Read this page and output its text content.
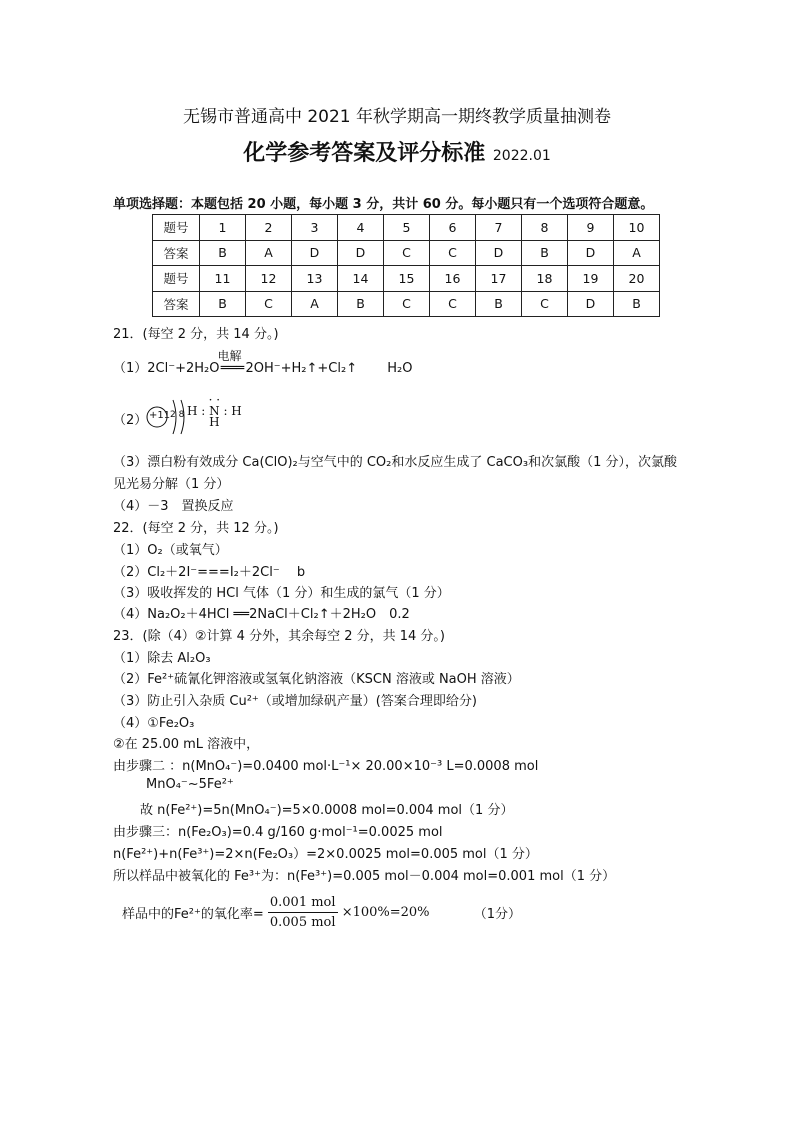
无锡市普通高中 2021 年秋学期高一期终教学质量抽测卷
化学参考答案及评分标准 2022.01
单项选择题：本题包括 20 小题，每小题 3 分，共计 60 分。每小题只有一个选项符合题意。
题号	1	2	3	4	5	6	7	8	9	10
答案	B	A	D	D	C	C	D	B	D	A
题号	11	12	13	14	15	16	17	18	19	20
答案	B	C	A	B	C	C	B	C	D	B
21．(每空 2 分，共 14 分。)
（1）2Cl⁻+2H₂O
电解
═══2OH⁻+H₂↑+Cl₂↑ H₂O
（2） +11 2 8
· ·
H : N : H
H
（3）漂白粉有效成分 Ca(ClO)₂与空气中的 CO₂和水反应生成了 CaCO₃和次氯酸（1 分），次氯酸
见光易分解（1 分）
（4）－3　置换反应
22．(每空 2 分，共 12 分。)
（1）O₂（或氧气）
（2）Cl₂＋2I⁻===I₂＋2Cl⁻　 b
（3）吸收挥发的 HCl 气体（1 分）和生成的氯气（1 分）
（4）Na₂O₂＋4HCl ══2NaCl＋Cl₂↑＋2H₂O　0.2
23．(除（4）②计算 4 分外，其余每空 2 分，共 14 分。)
（1）除去 Al₂O₃
（2）Fe²⁺硫氰化钾溶液或氢氧化钠溶液（KSCN 溶液或 NaOH 溶液）
（3）防止引入杂质 Cu²⁺（或增加绿矾产量）(答案合理即给分)
（4）①Fe₂O₃
②在 25.00 mL 溶液中，
由步骤二 ：n(MnO₄⁻)=0.0400 mol·L⁻¹× 20.00×10⁻³ L=0.0008 mol
MnO₄⁻~5Fe²⁺
故 n(Fe²⁺)=5n(MnO₄⁻)=5×0.0008 mol=0.004 mol（1 分）
由步骤三：n(Fe₂O₃)=0.4 g/160 g·mol⁻¹=0.0025 mol
n(Fe²⁺)+n(Fe³⁺)=2×n(Fe₂O₃）=2×0.0025 mol=0.005 mol（1 分）
所以样品中被氧化的 Fe³⁺为：n(Fe³⁺)=0.005 mol－0.004 mol=0.001 mol（1 分）
样品中的Fe²⁺的氧化率= $\frac{\text{0.001 mol}}{\text{0.005 mol}} \times 100\%=20\%$	（1分）
